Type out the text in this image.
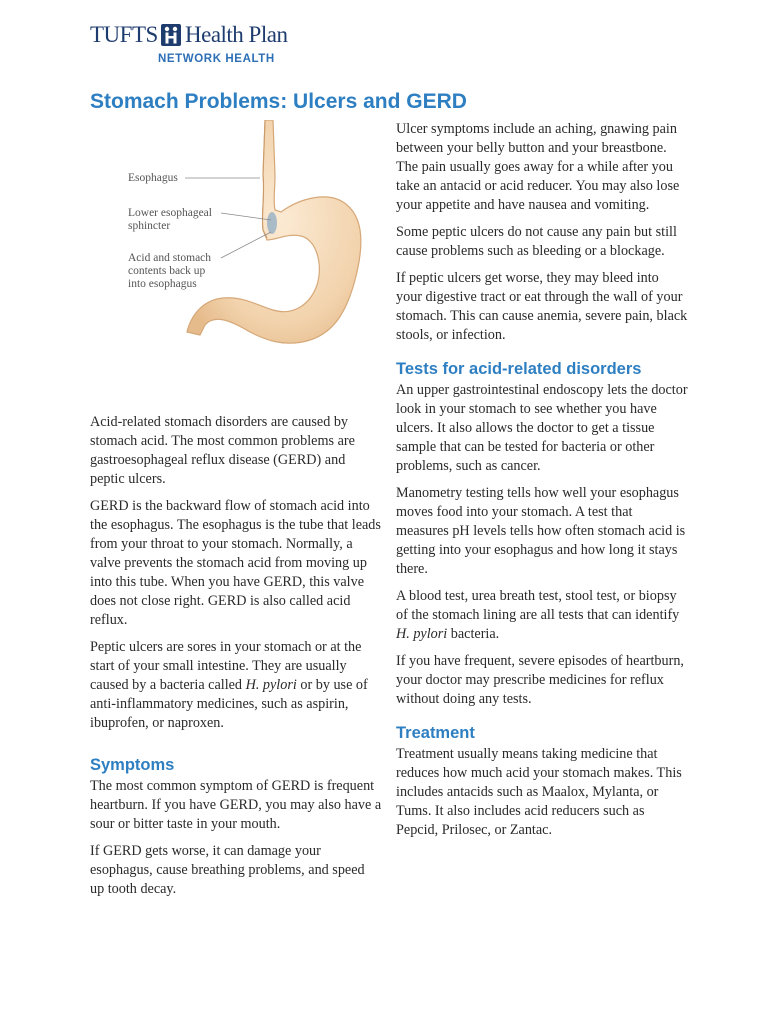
TUFTS Health Plan
NETWORK HEALTH
Stomach Problems: Ulcers and GERD
Esophagus
Lower esophageal
sphincter
Acid and stomach
contents back up
into esophagus

Acid-related stomach disorders are caused by stomach acid. The most common problems are gastroesophageal reflux disease (GERD) and peptic ulcers.

GERD is the backward flow of stomach acid into the esophagus. The esophagus is the tube that leads from your throat to your stomach. Normally, a valve prevents the stomach acid from moving up into this tube. When you have GERD, this valve does not close right. GERD is also called acid reflux.

Peptic ulcers are sores in your stomach or at the start of your small intestine. They are usually caused by a bacteria called H. pylori or by use of anti-inflammatory medicines, such as aspirin, ibuprofen, or naproxen.

Symptoms

The most common symptom of GERD is frequent heartburn. If you have GERD, you may also have a sour or bitter taste in your mouth.

If GERD gets worse, it can damage your esophagus, cause breathing problems, and speed up tooth decay.

Ulcer symptoms include an aching, gnawing pain between your belly button and your breastbone. The pain usually goes away for a while after you take an antacid or acid reducer. You may also lose your appetite and have nausea and vomiting.

Some peptic ulcers do not cause any pain but still cause problems such as bleeding or a blockage.

If peptic ulcers get worse, they may bleed into your digestive tract or eat through the wall of your stomach. This can cause anemia, severe pain, black stools, or infection.

Tests for acid-related disorders

An upper gastrointestinal endoscopy lets the doctor look in your stomach to see whether you have ulcers. It also allows the doctor to get a tissue sample that can be tested for bacteria or other problems, such as cancer.

Manometry testing tells how well your esophagus moves food into your stomach. A test that measures pH levels tells how often stomach acid is getting into your esophagus and how long it stays there.

A blood test, urea breath test, stool test, or biopsy of the stomach lining are all tests that can identify H. pylori bacteria.

If you have frequent, severe episodes of heartburn, your doctor may prescribe medicines for reflux without doing any tests.

Treatment

Treatment usually means taking medicine that reduces how much acid your stomach makes. This includes antacids such as Maalox, Mylanta, or Tums. It also includes acid reducers such as Pepcid, Prilosec, or Zantac.
